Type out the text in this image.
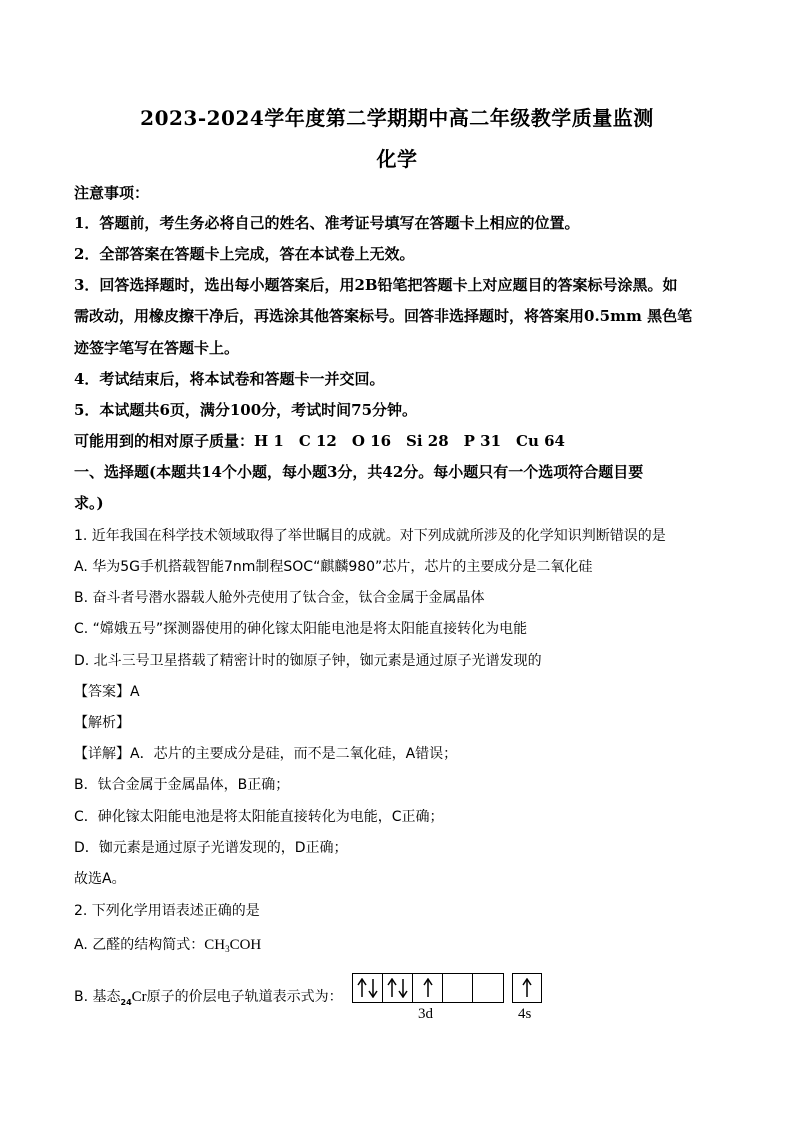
2023-2024学年度第二学期期中高二年级教学质量监测
化学
注意事项：
1．答题前，考生务必将自己的姓名、准考证号填写在答题卡上相应的位置。
2．全部答案在答题卡上完成，答在本试卷上无效。
3．回答选择题时，选出每小题答案后，用2B铅笔把答题卡上对应题目的答案标号涂黑。如
需改动，用橡皮擦干净后，再选涂其他答案标号。回答非选择题时，将答案用0.5mm 黑色笔
迹签字笔写在答题卡上。
4．考试结束后，将本试卷和答题卡一并交回。
5．本试题共6页，满分100分，考试时间75分钟。
可能用到的相对原子质量：H 1　C 12　O 16　Si 28　P 31　Cu 64
一、选择题(本题共14个小题，每小题3分，共42分。每小题只有一个选项符合题目要
求。)
1. 近年我国在科学技术领域取得了举世瞩目的成就。对下列成就所涉及的化学知识判断错误的是
A. 华为5G手机搭载智能7nm制程SOC“麒麟980”芯片，芯片的主要成分是二氧化硅
B. 奋斗者号潜水器载人舱外壳使用了钛合金，钛合金属于金属晶体
C. “嫦娥五号”探测器使用的砷化镓太阳能电池是将太阳能直接转化为电能
D. 北斗三号卫星搭载了精密计时的铷原子钟，铷元素是通过原子光谱发现的
【答案】A
【解析】
【详解】A．芯片的主要成分是硅，而不是二氧化硅，A错误；
B．钛合金属于金属晶体，B正确；
C．砷化镓太阳能电池是将太阳能直接转化为电能，C正确；
D．铷元素是通过原子光谱发现的，D正确；
故选A。
2. 下列化学用语表述正确的是
A. 乙醛的结构简式：$CH_3COH$
B. 基态$_{24}$Cr原子的价层电子轨道表示式为：
3d	4s
